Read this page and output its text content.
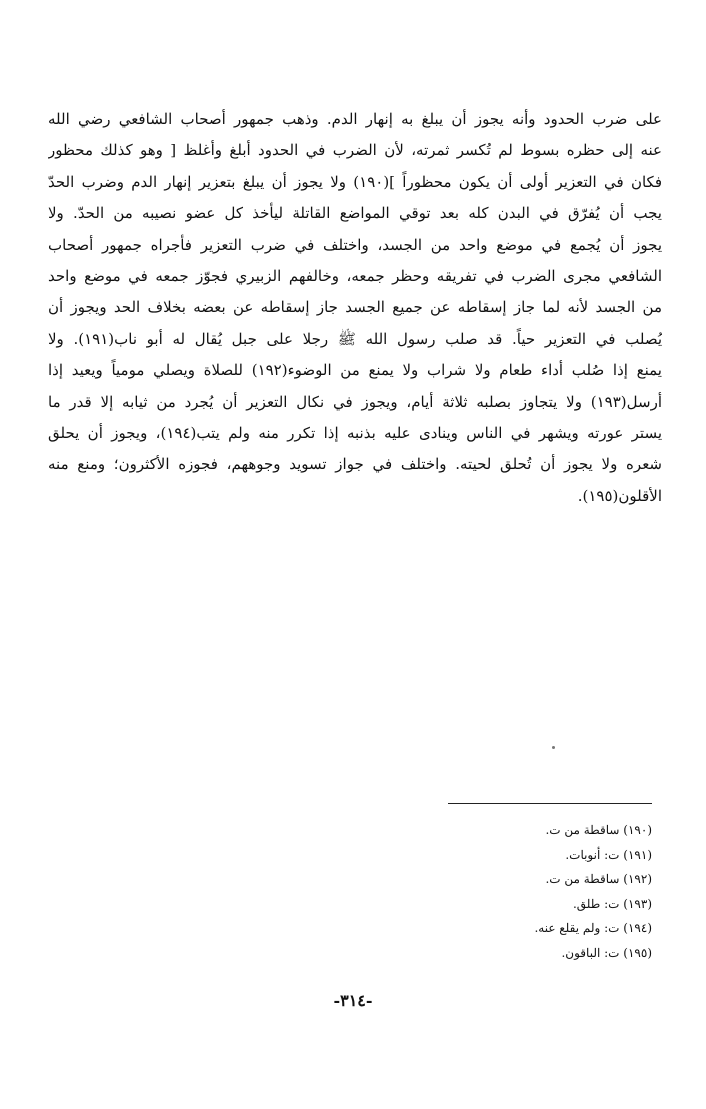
على ضرب الحدود وأنه يجوز أن يبلغ به إنهار الدم. وذهب جمهور أصحاب الشافعي رضي الله
عنه إلى حظره بسوط لم تُكسر ثمرته، لأن الضرب في الحدود أبلغ وأغلظ [ وهو كذلك محظور
فكان في التعزير أولى أن يكون محظوراً ](١٩٠) ولا يجوز أن يبلغ بتعزير إنهار الدم وضرب الحدّ
يجب أن يُفرّق في البدن كله بعد توقي المواضع القاتلة ليأخذ كل عضو نصيبه من الحدّ. ولا
يجوز أن يُجمع في موضع واحد من الجسد، واختلف في ضرب التعزير فأجراه جمهور أصحاب
الشافعي مجرى الضرب في تفريقه وحظر جمعه، وخالفهم الزبيري فجوّز جمعه في موضع واحد
من الجسد لأنه لما جاز إسقاطه عن جميع الجسد جاز إسقاطه عن بعضه بخلاف الحد ويجوز أن
يُصلب في التعزير حياً. قد صلب رسول الله ﷺ رجلا على جبل يُقال له أبو ناب(١٩١). ولا
يمنع إذا صُلب أداء طعام ولا شراب ولا يمنع من الوضوء(١٩٢) للصلاة ويصلي مومياً ويعيد إذا
أرسل(١٩٣) ولا يتجاوز بصلبه ثلاثة أيام، ويجوز في نكال التعزير أن يُجرد من ثيابه إلا قدر ما
يستر عورته ويشهر في الناس وينادى عليه بذنبه إذا تكرر منه ولم يتب(١٩٤)، ويجوز أن يحلق
شعره ولا يجوز أن تُحلق لحيته. واختلف في جواز تسويد وجوههم، فجوزه الأكثرون؛ ومنع منه
الأقلون(١٩٥).
(١٩٠) ساقطة من ت.
(١٩١) ت: أنوبات.
(١٩٢) ساقطة من ت.
(١٩٣) ت: طلق.
(١٩٤) ت: ولم يقلع عنه.
(١٩٥) ت: الباقون.
-٣١٤-
